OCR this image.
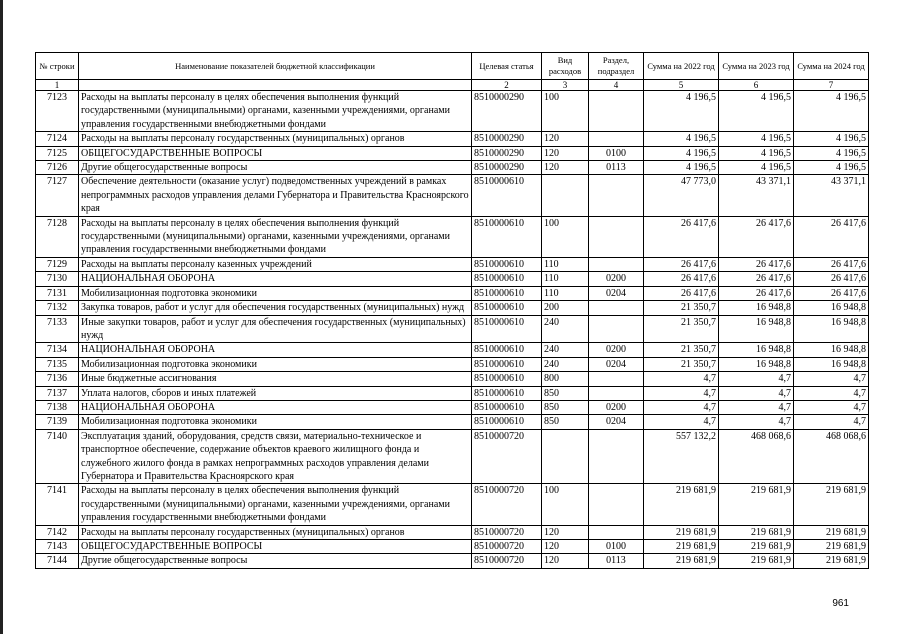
№ строки	Наименование показателей бюджетной классификации	Целевая статья	Вид расходов	Раздел, подраздел	Сумма на 2022 год	Сумма на 2023 год	Сумма на 2024 год
1		2	3	4	5	6	7
7123	Расходы на выплаты персоналу в целях обеспечения выполнения функций государственными (муниципальными) органами, казенными учреждениями, органами управления государственными внебюджетными фондами	8510000290	100		4 196,5	4 196,5	4 196,5
7124	Расходы на выплаты персоналу государственных (муниципальных) органов	8510000290	120		4 196,5	4 196,5	4 196,5
7125	ОБЩЕГОСУДАРСТВЕННЫЕ ВОПРОСЫ	8510000290	120	0100	4 196,5	4 196,5	4 196,5
7126	Другие общегосударственные вопросы	8510000290	120	0113	4 196,5	4 196,5	4 196,5
7127	Обеспечение деятельности (оказание услуг) подведомственных учреждений в рамках непрограммных расходов управления делами Губернатора и Правительства Красноярского края	8510000610			47 773,0	43 371,1	43 371,1
7128	Расходы на выплаты персоналу в целях обеспечения выполнения функций государственными (муниципальными) органами, казенными учреждениями, органами управления государственными внебюджетными фондами	8510000610	100		26 417,6	26 417,6	26 417,6
7129	Расходы на выплаты персоналу казенных учреждений	8510000610	110		26 417,6	26 417,6	26 417,6
7130	НАЦИОНАЛЬНАЯ ОБОРОНА	8510000610	110	0200	26 417,6	26 417,6	26 417,6
7131	Мобилизационная подготовка экономики	8510000610	110	0204	26 417,6	26 417,6	26 417,6
7132	Закупка товаров, работ и услуг для обеспечения государственных (муниципальных) нужд	8510000610	200		21 350,7	16 948,8	16 948,8
7133	Иные закупки товаров, работ и услуг для обеспечения государственных (муниципальных) нужд	8510000610	240		21 350,7	16 948,8	16 948,8
7134	НАЦИОНАЛЬНАЯ ОБОРОНА	8510000610	240	0200	21 350,7	16 948,8	16 948,8
7135	Мобилизационная подготовка экономики	8510000610	240	0204	21 350,7	16 948,8	16 948,8
7136	Иные бюджетные ассигнования	8510000610	800		4,7	4,7	4,7
7137	Уплата налогов, сборов и иных платежей	8510000610	850		4,7	4,7	4,7
7138	НАЦИОНАЛЬНАЯ ОБОРОНА	8510000610	850	0200	4,7	4,7	4,7
7139	Мобилизационная подготовка экономики	8510000610	850	0204	4,7	4,7	4,7
7140	Эксплуатация зданий, оборудования, средств связи, материально-техническое и транспортное обеспечение, содержание объектов краевого жилищного фонда и служебного жилого фонда в рамках непрограммных расходов управления делами Губернатора и Правительства Красноярского края	8510000720			557 132,2	468 068,6	468 068,6
7141	Расходы на выплаты персоналу в целях обеспечения выполнения функций государственными (муниципальными) органами, казенными учреждениями, органами управления государственными внебюджетными фондами	8510000720	100		219 681,9	219 681,9	219 681,9
7142	Расходы на выплаты персоналу государственных (муниципальных) органов	8510000720	120		219 681,9	219 681,9	219 681,9
7143	ОБЩЕГОСУДАРСТВЕННЫЕ ВОПРОСЫ	8510000720	120	0100	219 681,9	219 681,9	219 681,9
7144	Другие общегосударственные вопросы	8510000720	120	0113	219 681,9	219 681,9	219 681,9
961
